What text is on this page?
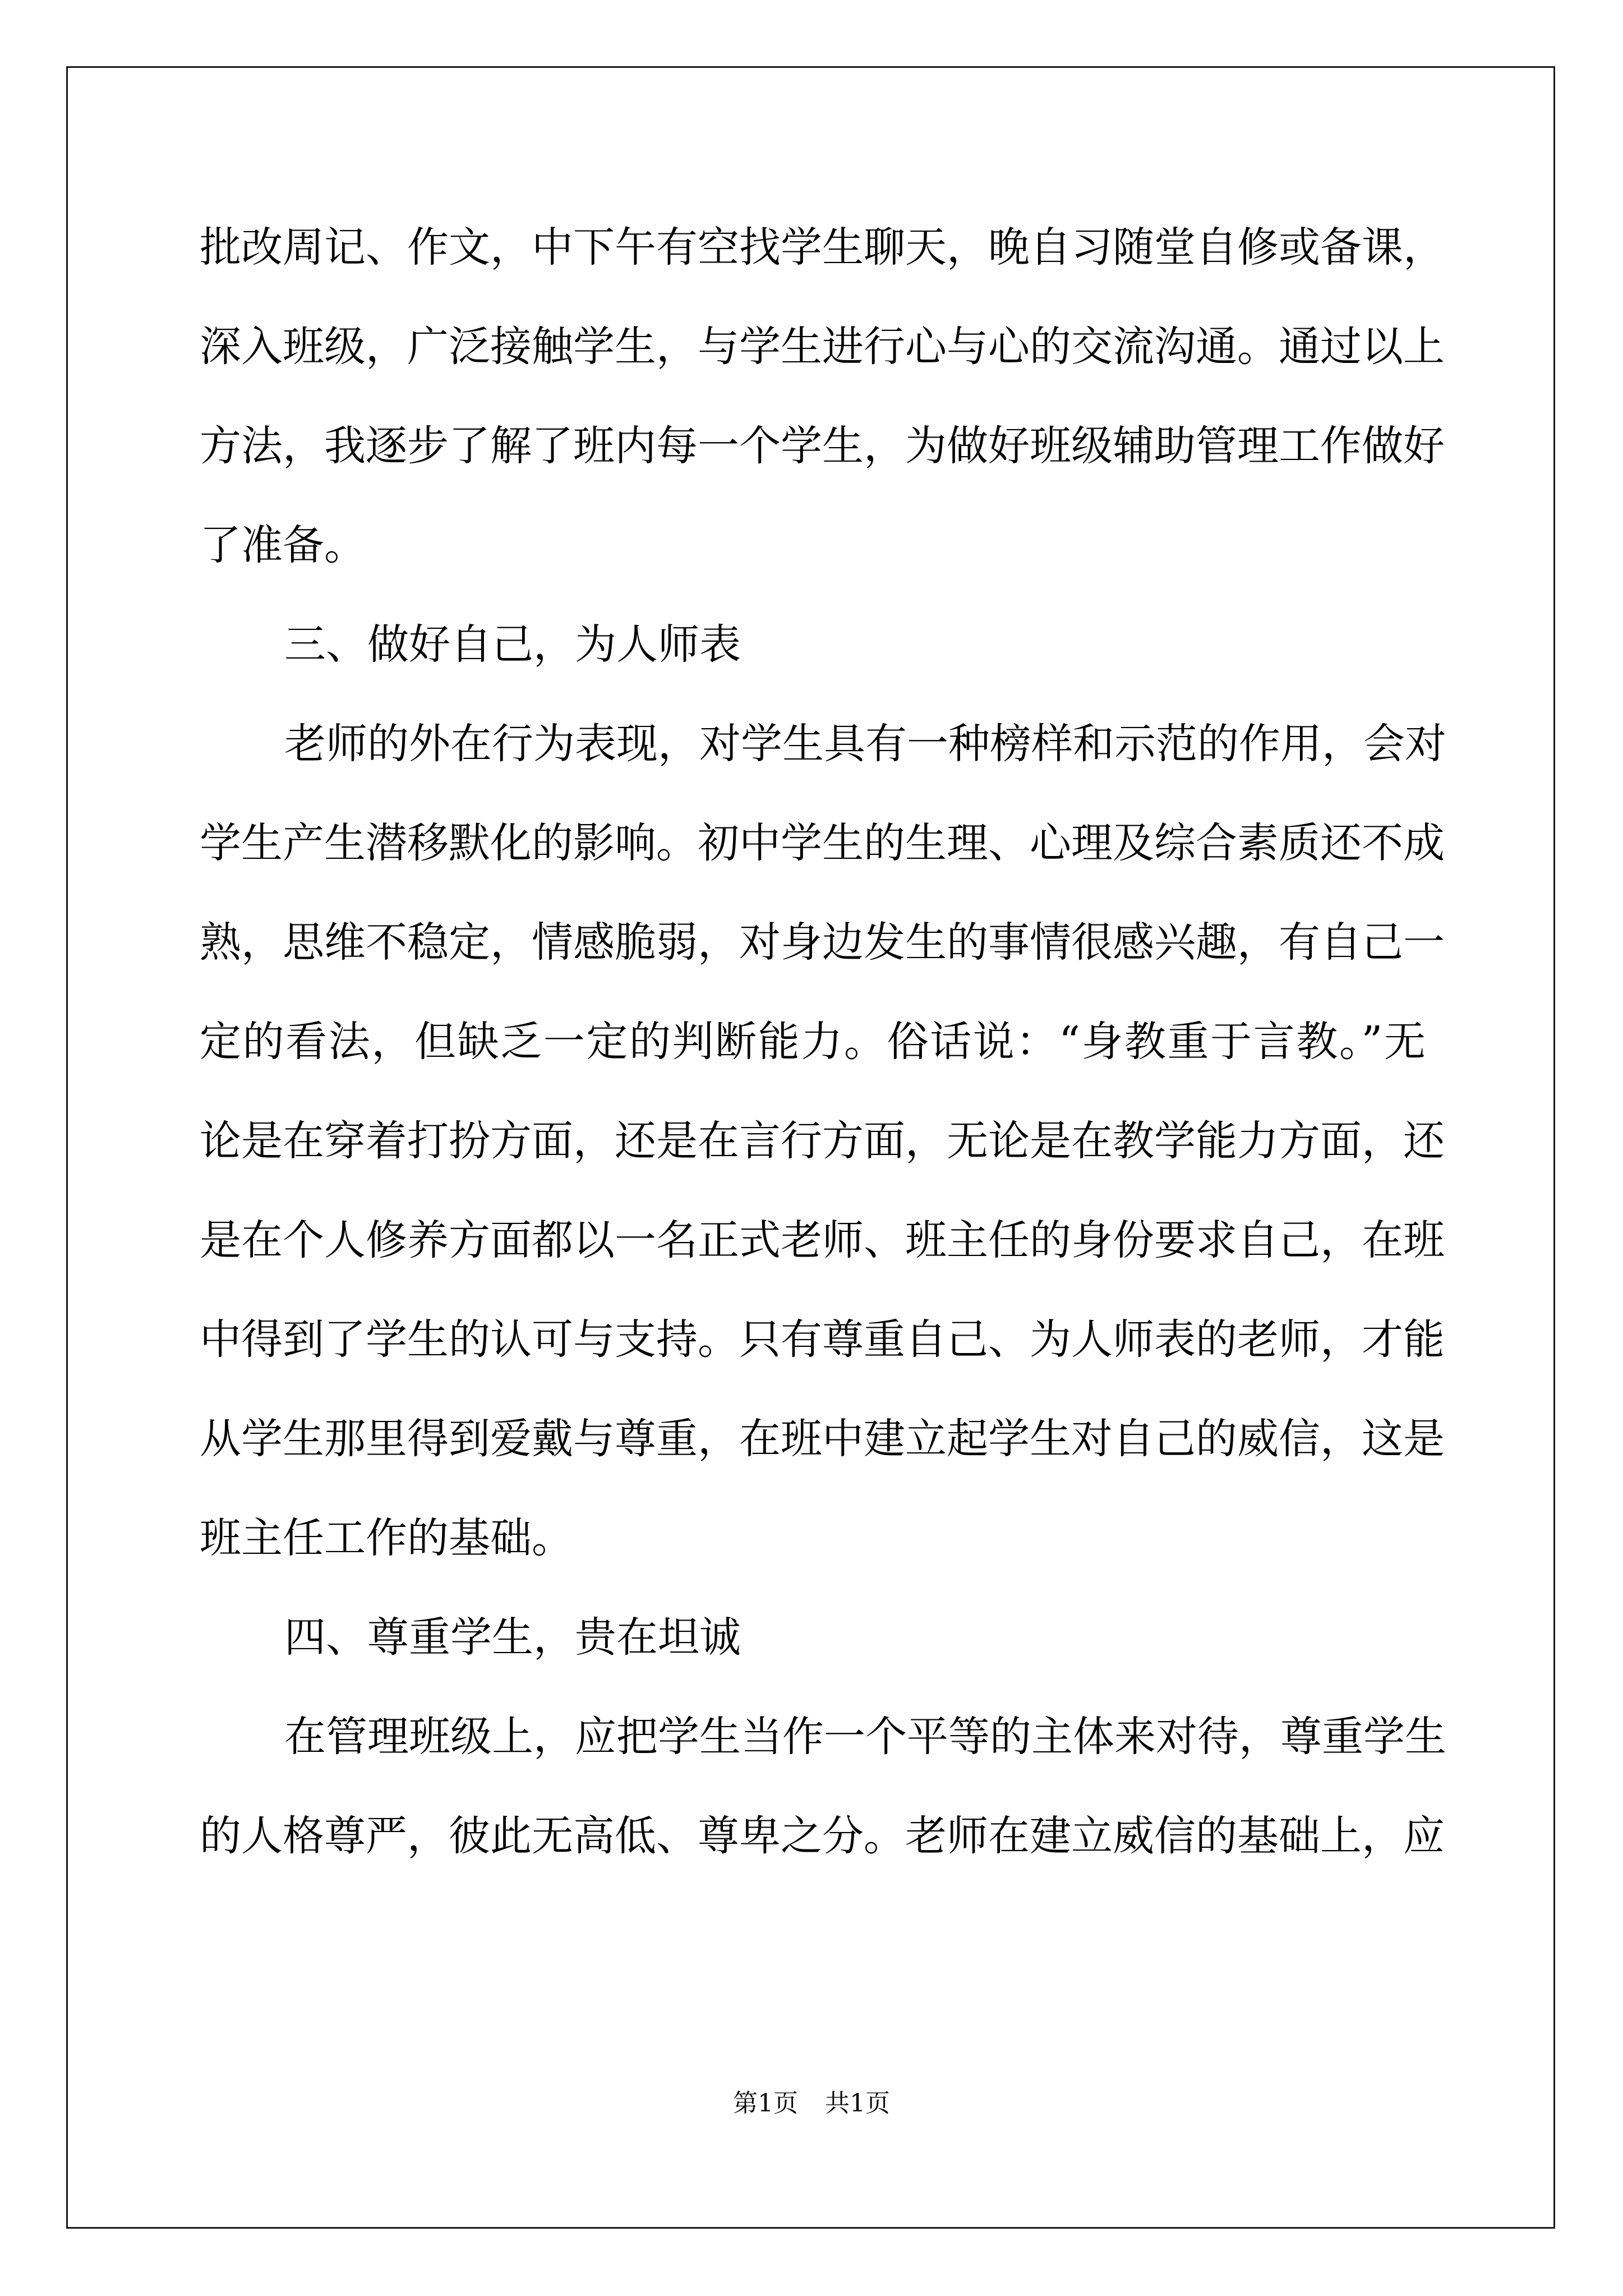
批改周记、作文，中下午有空找学生聊天，晚自习随堂自修或备课，

深入班级，广泛接触学生，与学生进行心与心的交流沟通。通过以上

方法，我逐步了解了班内每一个学生，为做好班级辅助管理工作做好

了准备。

三、做好自己，为人师表

老师的外在行为表现，对学生具有一种榜样和示范的作用，会对

学生产生潜移默化的影响。初中学生的生理、心理及综合素质还不成

熟，思维不稳定，情感脆弱，对身边发生的事情很感兴趣，有自己一

定的看法，但缺乏一定的判断能力。俗话说：“身教重于言教。”无

论是在穿着打扮方面，还是在言行方面，无论是在教学能力方面，还

是在个人修养方面都以一名正式老师、班主任的身份要求自己，在班

中得到了学生的认可与支持。只有尊重自己、为人师表的老师，才能

从学生那里得到爱戴与尊重，在班中建立起学生对自己的威信，这是

班主任工作的基础。

四、尊重学生，贵在坦诚

在管理班级上，应把学生当作一个平等的主体来对待，尊重学生

的人格尊严，彼此无高低、尊卑之分。老师在建立威信的基础上，应

第1页 共1页
